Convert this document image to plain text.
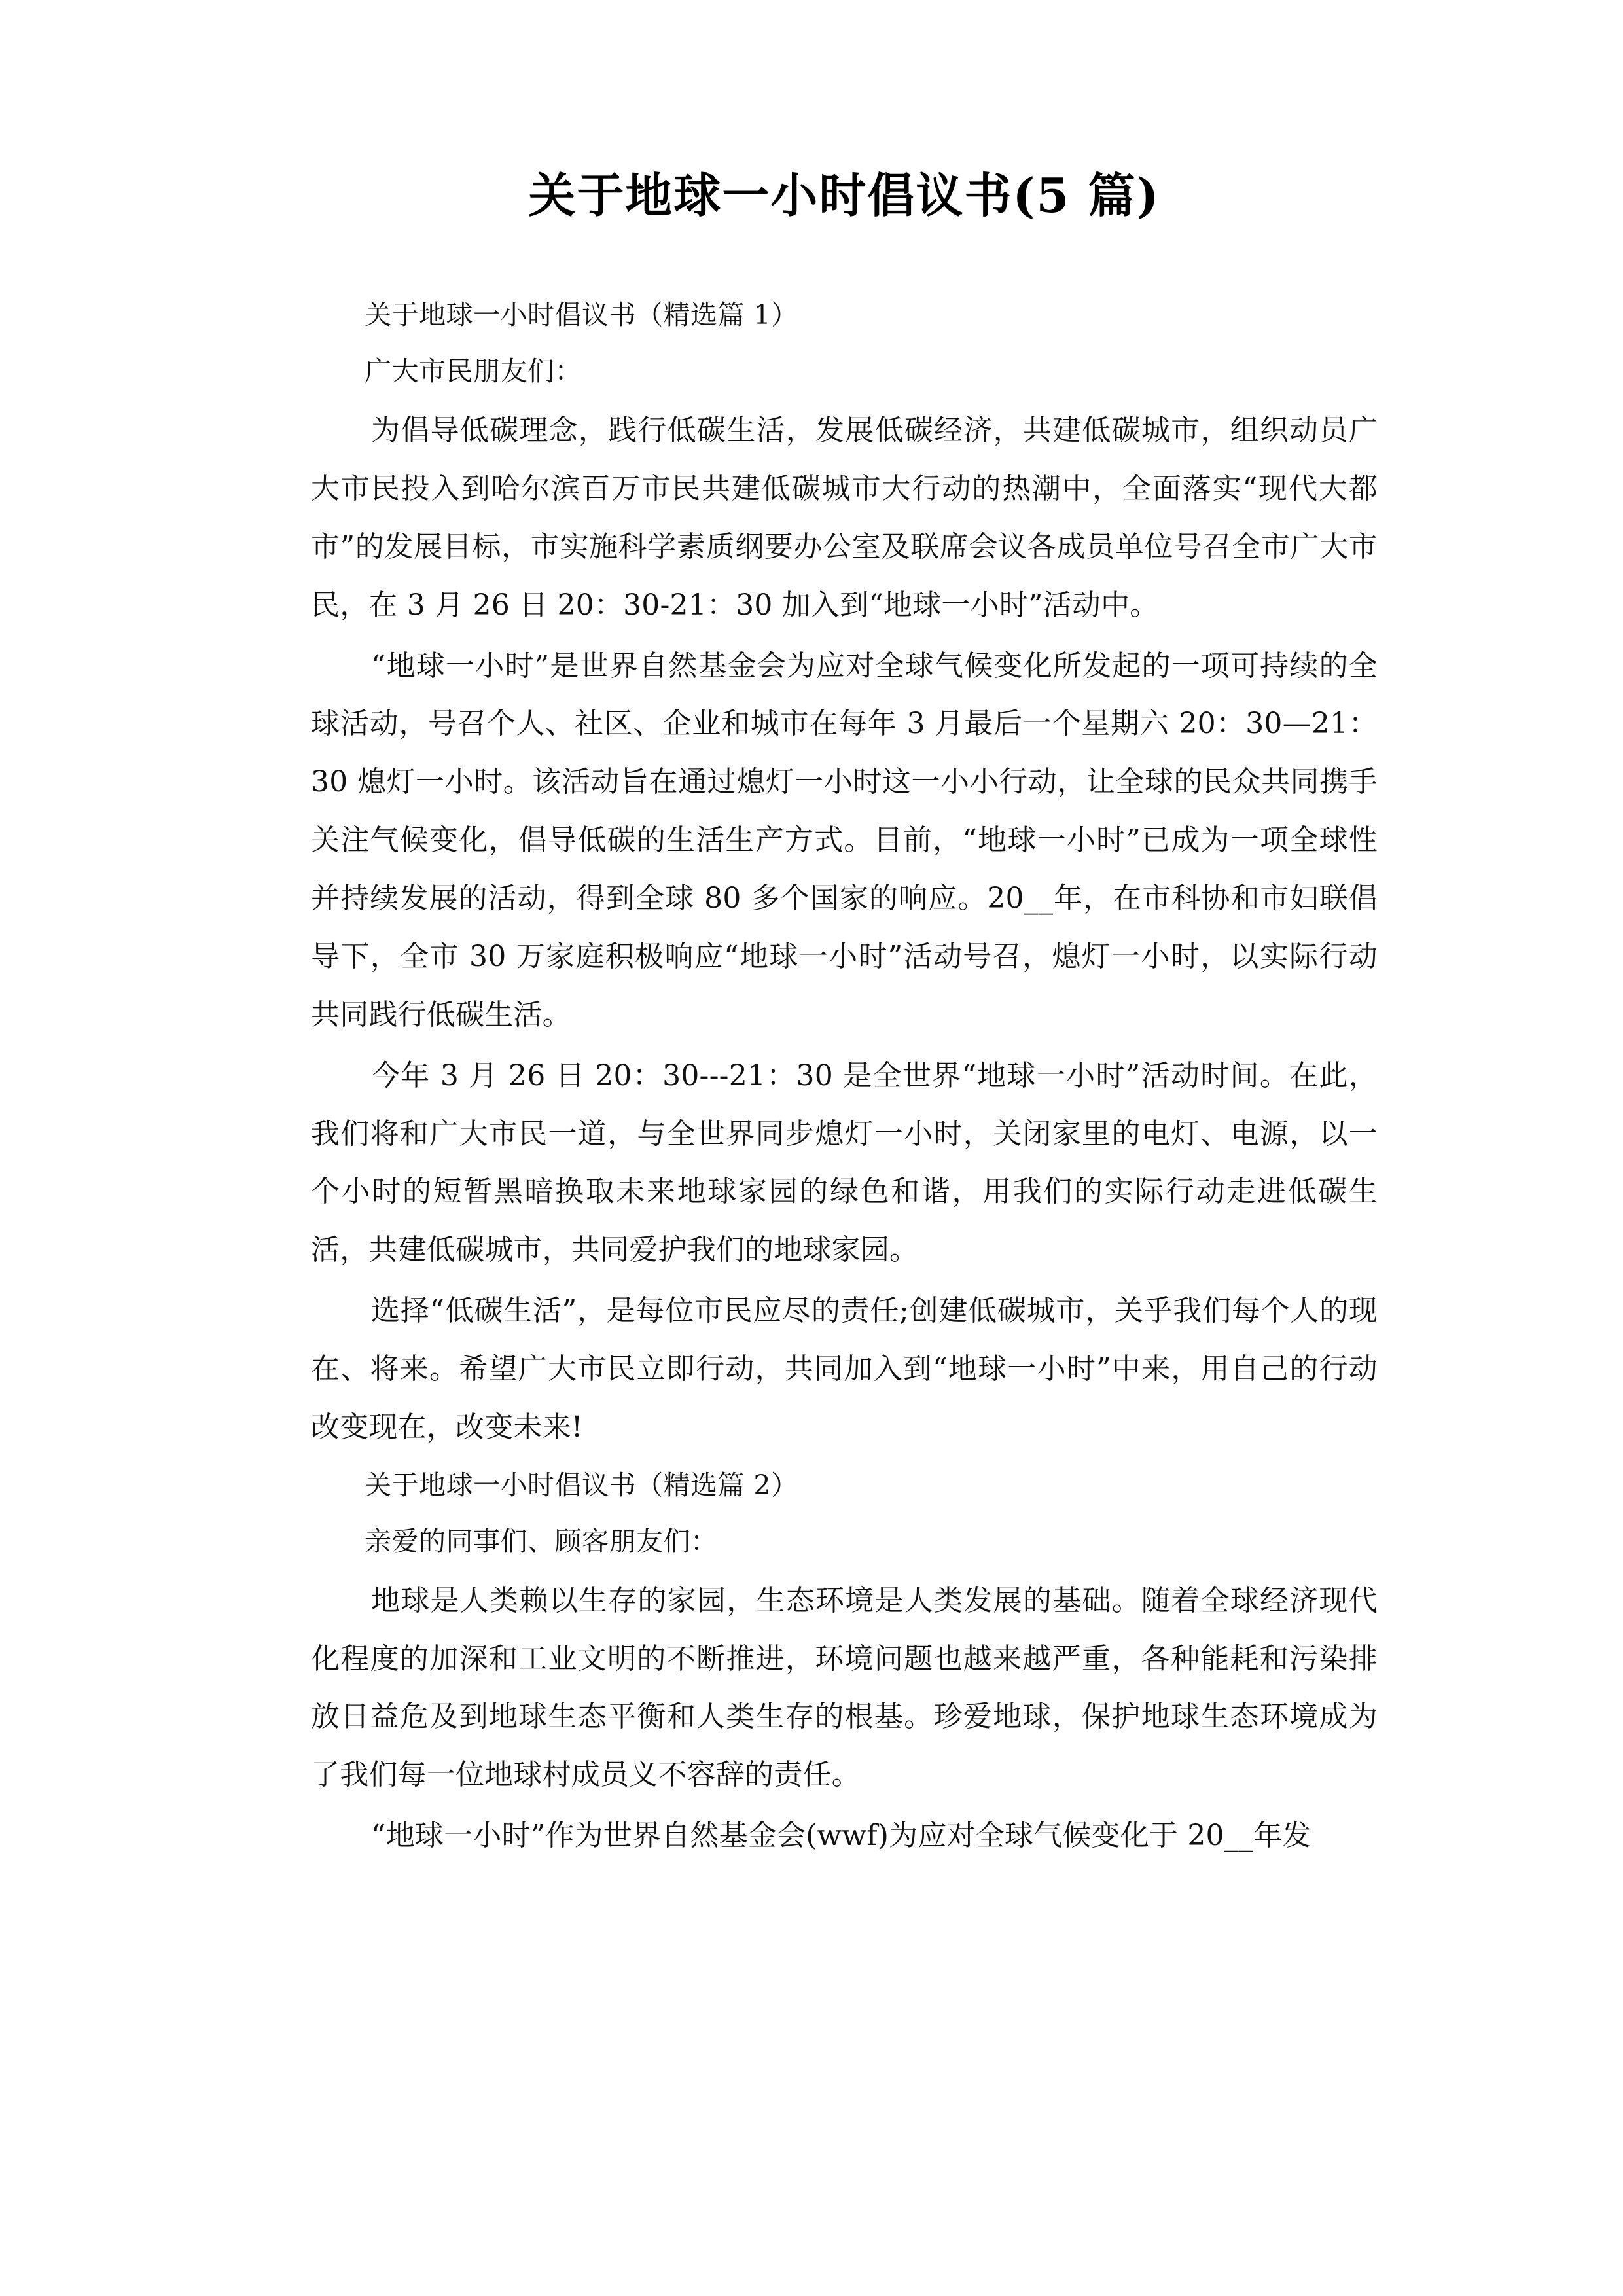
关于地球一小时倡议书(5 篇)

关于地球一小时倡议书（精选篇 1）

广大市民朋友们：

为倡导低碳理念，践行低碳生活，发展低碳经济，共建低碳城市，组织动员广大市民投入到哈尔滨百万市民共建低碳城市大行动的热潮中，全面落实“现代大都市”的发展目标，市实施科学素质纲要办公室及联席会议各成员单位号召全市广大市民，在 3 月 26 日 20：30-21：30 加入到“地球一小时”活动中。

“地球一小时”是世界自然基金会为应对全球气候变化所发起的一项可持续的全球活动，号召个人、社区、企业和城市在每年 3 月最后一个星期六 20：30—21：30 熄灯一小时。该活动旨在通过熄灯一小时这一小小行动，让全球的民众共同携手关注气候变化，倡导低碳的生活生产方式。目前，“地球一小时”已成为一项全球性并持续发展的活动，得到全球 80 多个国家的响应。20__年，在市科协和市妇联倡导下，全市 30 万家庭积极响应“地球一小时”活动号召，熄灯一小时，以实际行动共同践行低碳生活。

今年 3 月 26 日 20：30---21：30 是全世界“地球一小时”活动时间。在此，我们将和广大市民一道，与全世界同步熄灯一小时，关闭家里的电灯、电源，以一个小时的短暂黑暗换取未来地球家园的绿色和谐，用我们的实际行动走进低碳生活，共建低碳城市，共同爱护我们的地球家园。

选择“低碳生活”，是每位市民应尽的责任;创建低碳城市，关乎我们每个人的现在、将来。希望广大市民立即行动，共同加入到“地球一小时”中来，用自己的行动改变现在，改变未来!

关于地球一小时倡议书（精选篇 2）

亲爱的同事们、顾客朋友们：

地球是人类赖以生存的家园，生态环境是人类发展的基础。随着全球经济现代化程度的加深和工业文明的不断推进，环境问题也越来越严重，各种能耗和污染排放日益危及到地球生态平衡和人类生存的根基。珍爱地球，保护地球生态环境成为了我们每一位地球村成员义不容辞的责任。

“地球一小时”作为世界自然基金会(wwf)为应对全球气候变化于 20__年发
